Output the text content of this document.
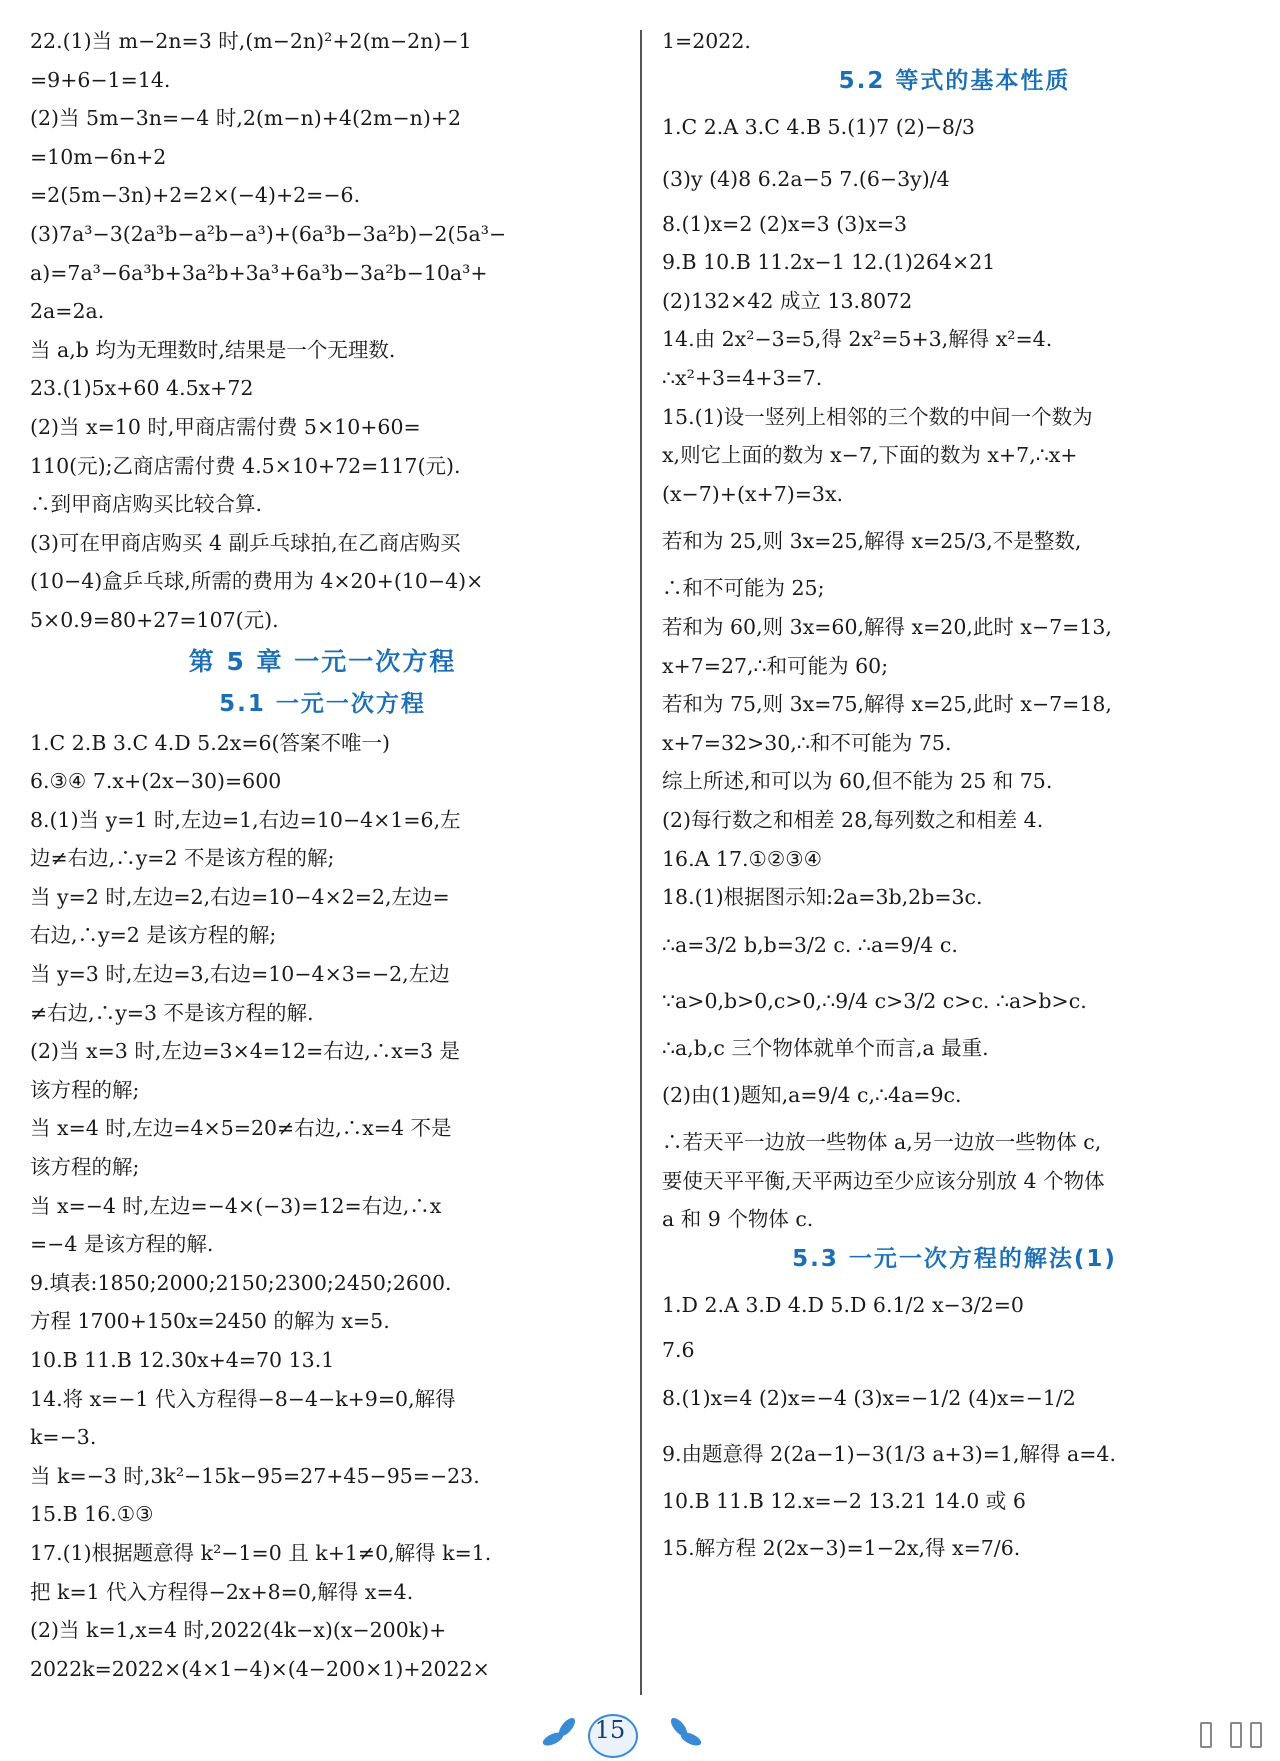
22.(1)当 m−2n=3 时,(m−2n)²+2(m−2n)−1
=9+6−1=14.
(2)当 5m−3n=−4 时,2(m−n)+4(2m−n)+2
=10m−6n+2
=2(5m−3n)+2=2×(−4)+2=−6.
(3)7a³−3(2a³b−a²b−a³)+(6a³b−3a²b)−2(5a³−
a)=7a³−6a³b+3a²b+3a³+6a³b−3a²b−10a³+
2a=2a.
当 a,b 均为无理数时,结果是一个无理数.
23.(1)5x+60 4.5x+72
(2)当 x=10 时,甲商店需付费 5×10+60=
110(元);乙商店需付费 4.5×10+72=117(元).
∴到甲商店购买比较合算.
(3)可在甲商店购买 4 副乒乓球拍,在乙商店购买
(10−4)盒乒乓球,所需的费用为 4×20+(10−4)×
5×0.9=80+27=107(元).
第 5 章 一元一次方程
5.1 一元一次方程
1.C 2.B 3.C 4.D 5.2x=6(答案不唯一)
6.③④ 7.x+(2x−30)=600
8.(1)当 y=1 时,左边=1,右边=10−4×1=6,左
边≠右边,∴y=2 不是该方程的解;
当 y=2 时,左边=2,右边=10−4×2=2,左边=
右边,∴y=2 是该方程的解;
当 y=3 时,左边=3,右边=10−4×3=−2,左边
≠右边,∴y=3 不是该方程的解.
(2)当 x=3 时,左边=3×4=12=右边,∴x=3 是
该方程的解;
当 x=4 时,左边=4×5=20≠右边,∴x=4 不是
该方程的解;
当 x=−4 时,左边=−4×(−3)=12=右边,∴x
=−4 是该方程的解.
9.填表:1850;2000;2150;2300;2450;2600.
方程 1700+150x=2450 的解为 x=5.
10.B 11.B 12.30x+4=70 13.1
14.将 x=−1 代入方程得−8−4−k+9=0,解得
k=−3.
当 k=−3 时,3k²−15k−95=27+45−95=−23.
15.B 16.①③
17.(1)根据题意得 k²−1=0 且 k+1≠0,解得 k=1.
把 k=1 代入方程得−2x+8=0,解得 x=4.
(2)当 k=1,x=4 时,2022(4k−x)(x−200k)+
2022k=2022×(4×1−4)×(4−200×1)+2022×
1=2022.
5.2 等式的基本性质
1.C 2.A 3.C 4.B 5.(1)7 (2)−8/3
(3)y (4)8 6.2a−5 7.(6−3y)/4
8.(1)x=2 (2)x=3 (3)x=3
9.B 10.B 11.2x−1 12.(1)264×21
(2)132×42 成立 13.8072
14.由 2x²−3=5,得 2x²=5+3,解得 x²=4.
∴x²+3=4+3=7.
15.(1)设一竖列上相邻的三个数的中间一个数为
x,则它上面的数为 x−7,下面的数为 x+7,∴x+
(x−7)+(x+7)=3x.
若和为 25,则 3x=25,解得 x=25/3,不是整数,
∴和不可能为 25;
若和为 60,则 3x=60,解得 x=20,此时 x−7=13,
x+7=27,∴和可能为 60;
若和为 75,则 3x=75,解得 x=25,此时 x−7=18,
x+7=32>30,∴和不可能为 75.
综上所述,和可以为 60,但不能为 25 和 75.
(2)每行数之和相差 28,每列数之和相差 4.
16.A 17.①②③④
18.(1)根据图示知:2a=3b,2b=3c.
∴a=3/2 b,b=3/2 c. ∴a=9/4 c.
∵a>0,b>0,c>0,∴9/4 c>3/2 c>c. ∴a>b>c.
∴a,b,c 三个物体就单个而言,a 最重.
(2)由(1)题知,a=9/4 c,∴4a=9c.
∴若天平一边放一些物体 a,另一边放一些物体 c,
要使天平平衡,天平两边至少应该分别放 4 个物体
a 和 9 个物体 c.
5.3 一元一次方程的解法(1)
1.D 2.A 3.D 4.D 5.D 6.1/2 x−3/2=0
7.6
8.(1)x=4 (2)x=−4 (3)x=−1/2 (4)x=−1/2
9.由题意得 2(2a−1)−3(1/3 a+3)=1,解得 a=4.
10.B 11.B 12.x=−2 13.21 14.0 或 6
15.解方程 2(2x−3)=1−2x,得 x=7/6.
15
